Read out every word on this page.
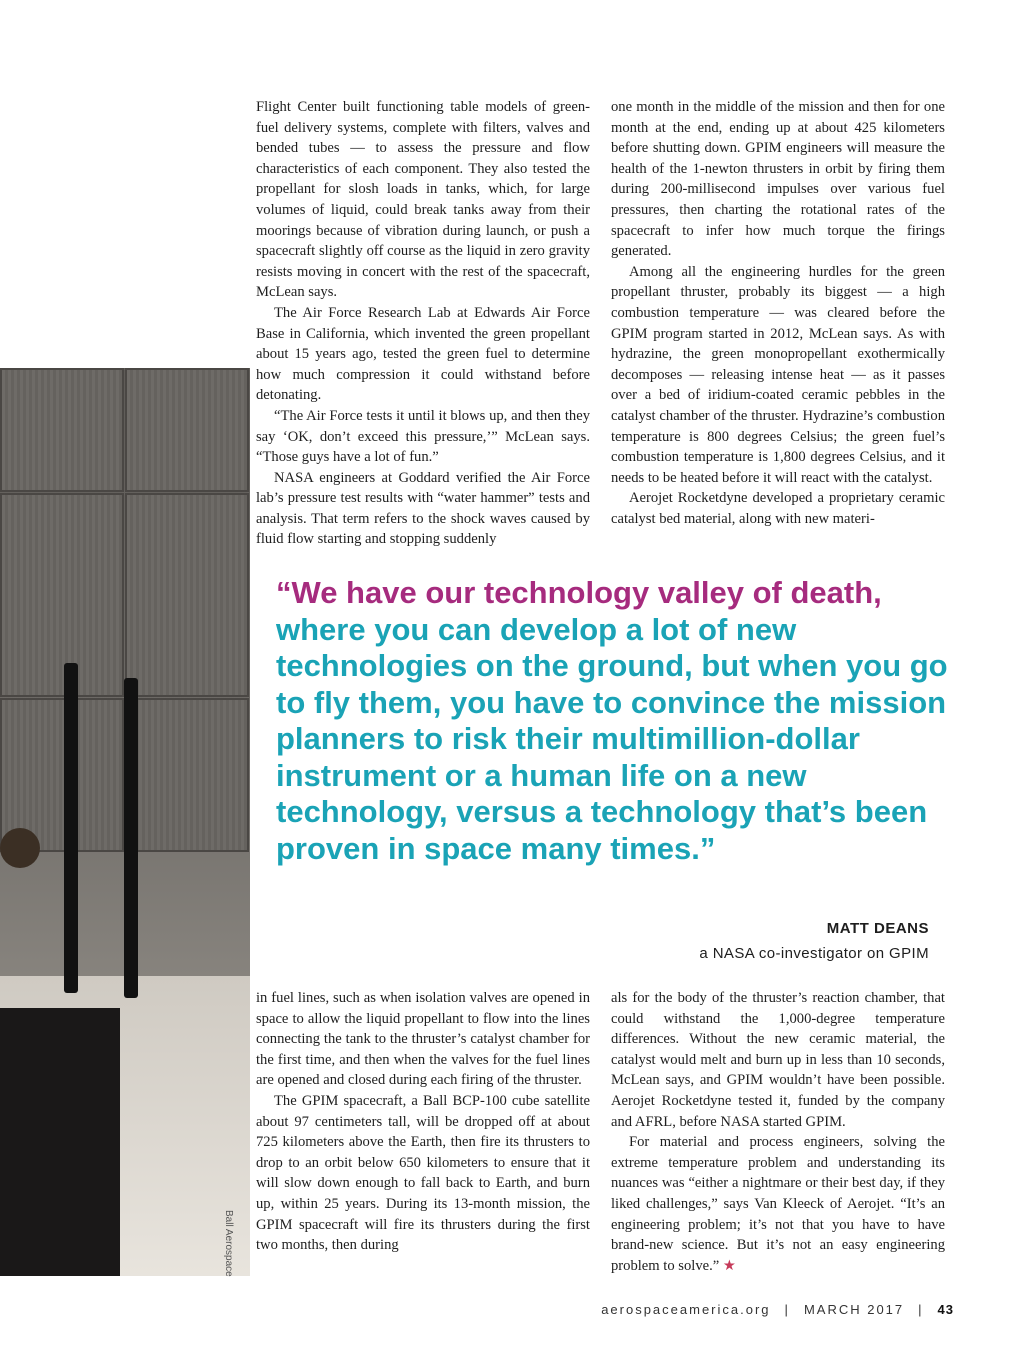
Ball Aerospace

Flight Center built functioning table models of green-fuel delivery systems, complete with filters, valves and bended tubes — to assess the pressure and flow characteristics of each component. They also tested the propellant for slosh loads in tanks, which, for large volumes of liquid, could break tanks away from their moorings because of vibration during launch, or push a spacecraft slightly off course as the liquid in zero gravity resists moving in concert with the rest of the spacecraft, McLean says.

The Air Force Research Lab at Edwards Air Force Base in California, which invented the green propellant about 15 years ago, tested the green fuel to determine how much compression it could withstand before detonating.

“The Air Force tests it until it blows up, and then they say ‘OK, don’t exceed this pressure,’” McLean says. “Those guys have a lot of fun.”

NASA engineers at Goddard verified the Air Force lab’s pressure test results with “water hammer” tests and analysis. That term refers to the shock waves caused by fluid flow starting and stopping suddenly

one month in the middle of the mission and then for one month at the end, ending up at about 425 kilometers before shutting down. GPIM engineers will measure the health of the 1-newton thrusters in orbit by firing them during 200-millisecond impulses over various fuel pressures, then charting the rotational rates of the spacecraft to infer how much torque the firings generated.

Among all the engineering hurdles for the green propellant thruster, probably its biggest — a high combustion temperature — was cleared before the GPIM program started in 2012, McLean says. As with hydrazine, the green monopropellant exothermically decomposes — releasing intense heat — as it passes over a bed of iridium-coated ceramic pebbles in the catalyst chamber of the thruster. Hydrazine’s combustion temperature is 800 degrees Celsius; the green fuel’s combustion temperature is 1,800 degrees Celsius, and it needs to be heated before it will react with the catalyst.

Aerojet Rocketdyne developed a proprietary ceramic catalyst bed material, along with new materi-

“We have our technology valley of death, where you can develop a lot of new technologies on the ground, but when you go to fly them, you have to convince the mission planners to risk their multimillion-dollar instrument or a human life on a new technology, versus a technology that’s been proven in space many times.”

MATT DEANS
a NASA co-investigator on GPIM

in fuel lines, such as when isolation valves are opened in space to allow the liquid propellant to flow into the lines connecting the tank to the thruster’s catalyst chamber for the first time, and then when the valves for the fuel lines are opened and closed during each firing of the thruster.

The GPIM spacecraft, a Ball BCP-100 cube satellite about 97 centimeters tall, will be dropped off at about 725 kilometers above the Earth, then fire its thrusters to drop to an orbit below 650 kilometers to ensure that it will slow down enough to fall back to Earth, and burn up, within 25 years. During its 13-month mission, the GPIM spacecraft will fire its thrusters during the first two months, then during

als for the body of the thruster’s reaction chamber, that could withstand the 1,000-degree temperature differences. Without the new ceramic material, the catalyst would melt and burn up in less than 10 seconds, McLean says, and GPIM wouldn’t have been possible. Aerojet Rocketdyne tested it, funded by the company and AFRL, before NASA started GPIM.

For material and process engineers, solving the extreme temperature problem and understanding its nuances was “either a nightmare or their best day, if they liked challenges,” says Van Kleeck of Aerojet. “It’s an engineering problem; it’s not that you have to have brand-new science. But it’s not an easy engineering problem to solve.” ★

aerospaceamerica.org | MARCH 2017 | 43
